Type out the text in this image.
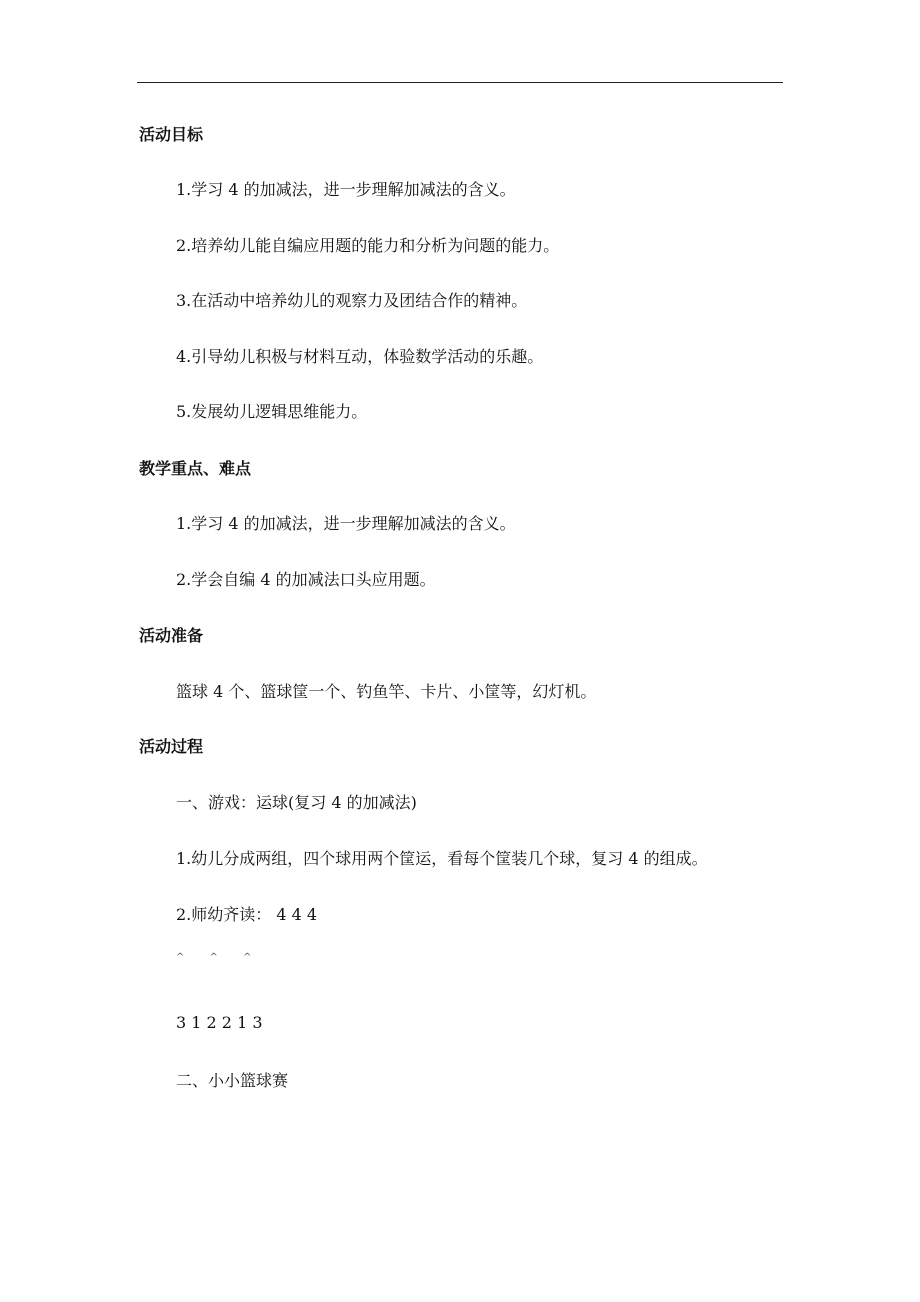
活动目标
1.学习 4 的加减法，进一步理解加减法的含义。
2.培养幼儿能自编应用题的能力和分析为问题的能力。
3.在活动中培养幼儿的观察力及团结合作的精神。
4.引导幼儿积极与材料互动，体验数学活动的乐趣。
5.发展幼儿逻辑思维能力。
教学重点、难点
1.学习 4 的加减法，进一步理解加减法的含义。
2.学会自编 4 的加减法口头应用题。
活动准备
篮球 4 个、篮球筐一个、钓鱼竿、卡片、小筐等，幻灯机。
活动过程
一、游戏：运球(复习 4 的加减法)
1.幼儿分成两组，四个球用两个筐运，看每个筐装几个球，复习 4 的组成。
2.师幼齐读： 4 4 4
^ ^ ^
3 1 2 2 1 3
二、小小篮球赛
